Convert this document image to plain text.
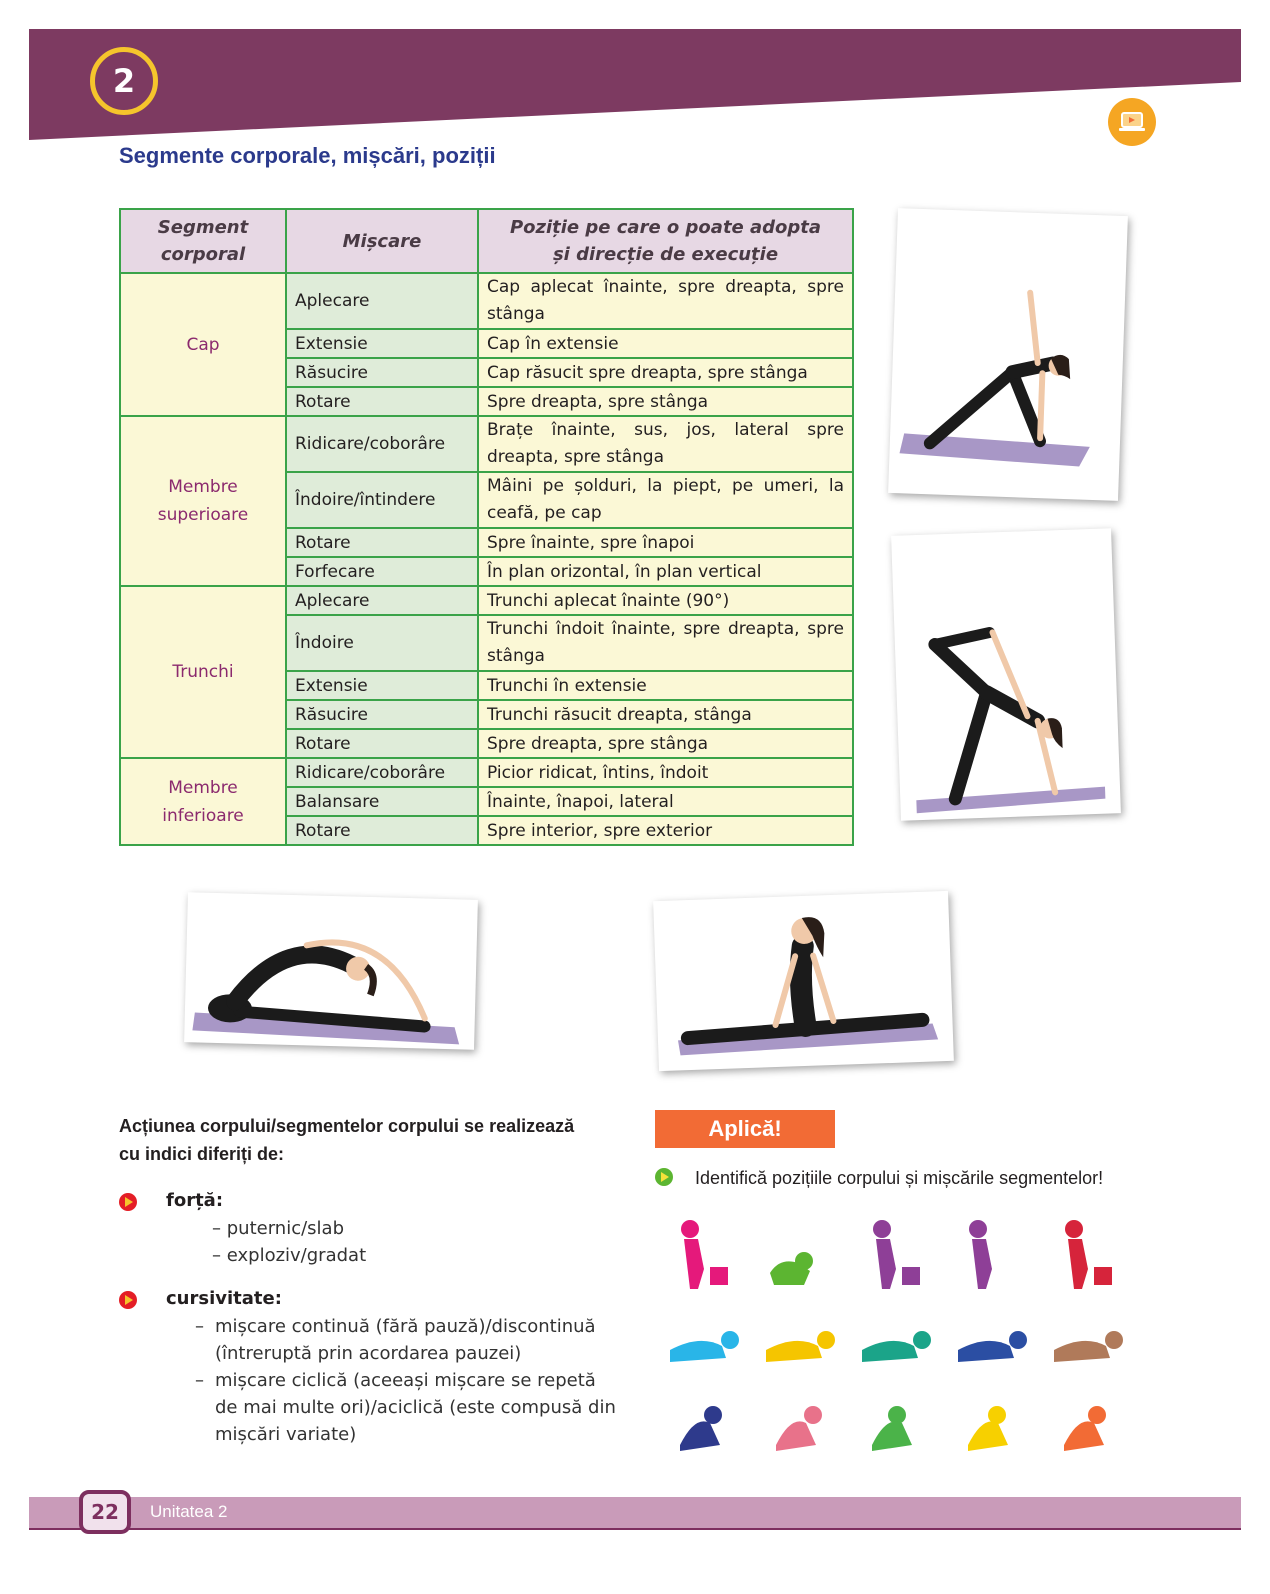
2
Segmente corporale, mișcări, poziții
Segment
corporal	Mișcare	Poziție pe care o poate adopta
și direcție de execuție
Cap	Aplecare	Cap aplecat înainte, spre dreapta, spre stânga
	Extensie	Cap în extensie
	Răsucire	Cap răsucit spre dreapta, spre stânga
	Rotare	Spre dreapta, spre stânga
Membre
superioare	Ridicare/coborâre	Brațe înainte, sus, jos, lateral spre dreapta, spre stânga
	Îndoire/întindere	Mâini pe șolduri, la piept, pe umeri, la ceafă, pe cap
	Rotare	Spre înainte, spre înapoi
	Forfecare	În plan orizontal, în plan vertical
Trunchi	Aplecare	Trunchi aplecat înainte (90°)
	Îndoire	Trunchi îndoit înainte, spre dreapta, spre stânga
	Extensie	Trunchi în extensie
	Răsucire	Trunchi răsucit dreapta, stânga
	Rotare	Spre dreapta, spre stânga
Membre
inferioare	Ridicare/coborâre	Picior ridicat, întins, îndoit
	Balansare	Înainte, înapoi, lateral
	Rotare	Spre interior, spre exterior
Acțiunea corpului/segmentelor corpului se realizează
cu indici diferiți de:
forță:
– puternic/slab
– exploziv/gradat
cursivitate:
– mișcare continuă (fără pauză)/discontinuă
(întreruptă prin acordarea pauzei)
– mișcare ciclică (aceeași mișcare se repetă
de mai multe ori)/aciclică (este compusă din
mișcări variate)
Aplică!
Identifică pozițiile corpului și mișcările segmentelor!
22	Unitatea 2
